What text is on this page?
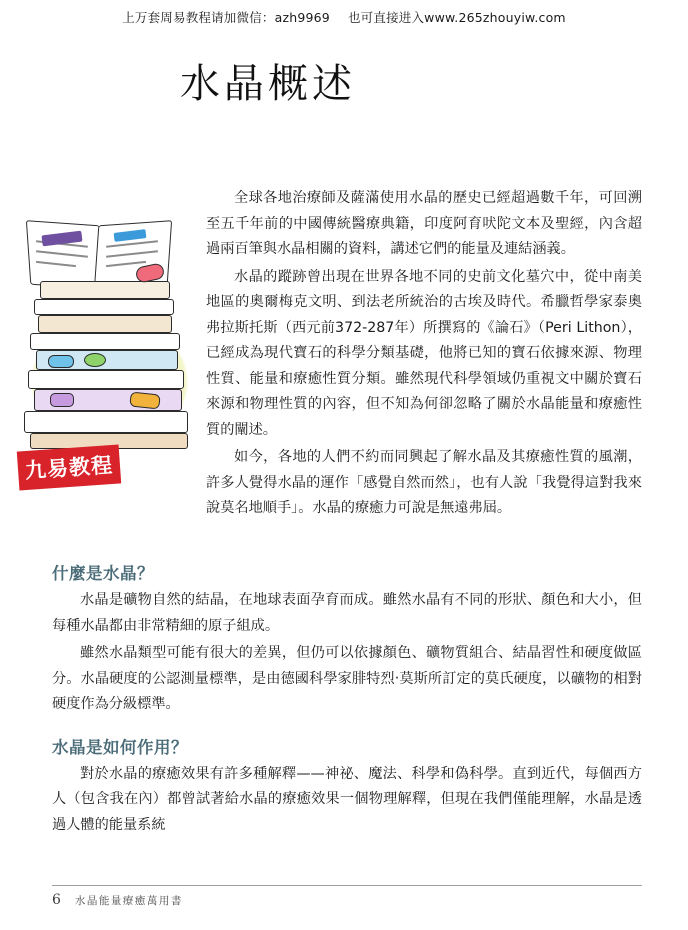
上万套周易教程请加微信：azh9969 也可直接进入www.265zhouyiw.com
水晶概述
九易教程

全球各地治療師及薩滿使用水晶的歷史已經超過數千年，可回溯至五千年前的中國傳統醫療典籍，印度阿育吠陀文本及聖經，內含超過兩百筆與水晶相關的資料，講述它們的能量及連結涵義。

水晶的蹤跡曾出現在世界各地不同的史前文化墓穴中，從中南美地區的奧爾梅克文明、到法老所統治的古埃及時代。希臘哲學家泰奧弗拉斯托斯（西元前372-287年）所撰寫的《論石》（Peri Lithon），已經成為現代寶石的科學分類基礎，他將已知的寶石依據來源、物理性質、能量和療癒性質分類。雖然現代科學領域仍重視文中關於寶石來源和物理性質的內容，但不知為何卻忽略了關於水晶能量和療癒性質的闡述。

如今，各地的人們不約而同興起了解水晶及其療癒性質的風潮，許多人覺得水晶的運作「感覺自然而然」，也有人說「我覺得這對我來說莫名地順手」。水晶的療癒力可說是無遠弗屆。

什麼是水晶？

水晶是礦物自然的結晶，在地球表面孕育而成。雖然水晶有不同的形狀、顏色和大小，但每種水晶都由非常精細的原子組成。

雖然水晶類型可能有很大的差異，但仍可以依據顏色、礦物質組合、結晶習性和硬度做區分。水晶硬度的公認測量標準，是由德國科學家腓特烈‧莫斯所訂定的莫氏硬度，以礦物的相對硬度作為分級標準。

水晶是如何作用？

對於水晶的療癒效果有許多種解釋——神祕、魔法、科學和偽科學。直到近代，每個西方人（包含我在內）都曾試著給水晶的療癒效果一個物理解釋，但現在我們僅能理解，水晶是透過人體的能量系統

6 水晶能量療癒萬用書
